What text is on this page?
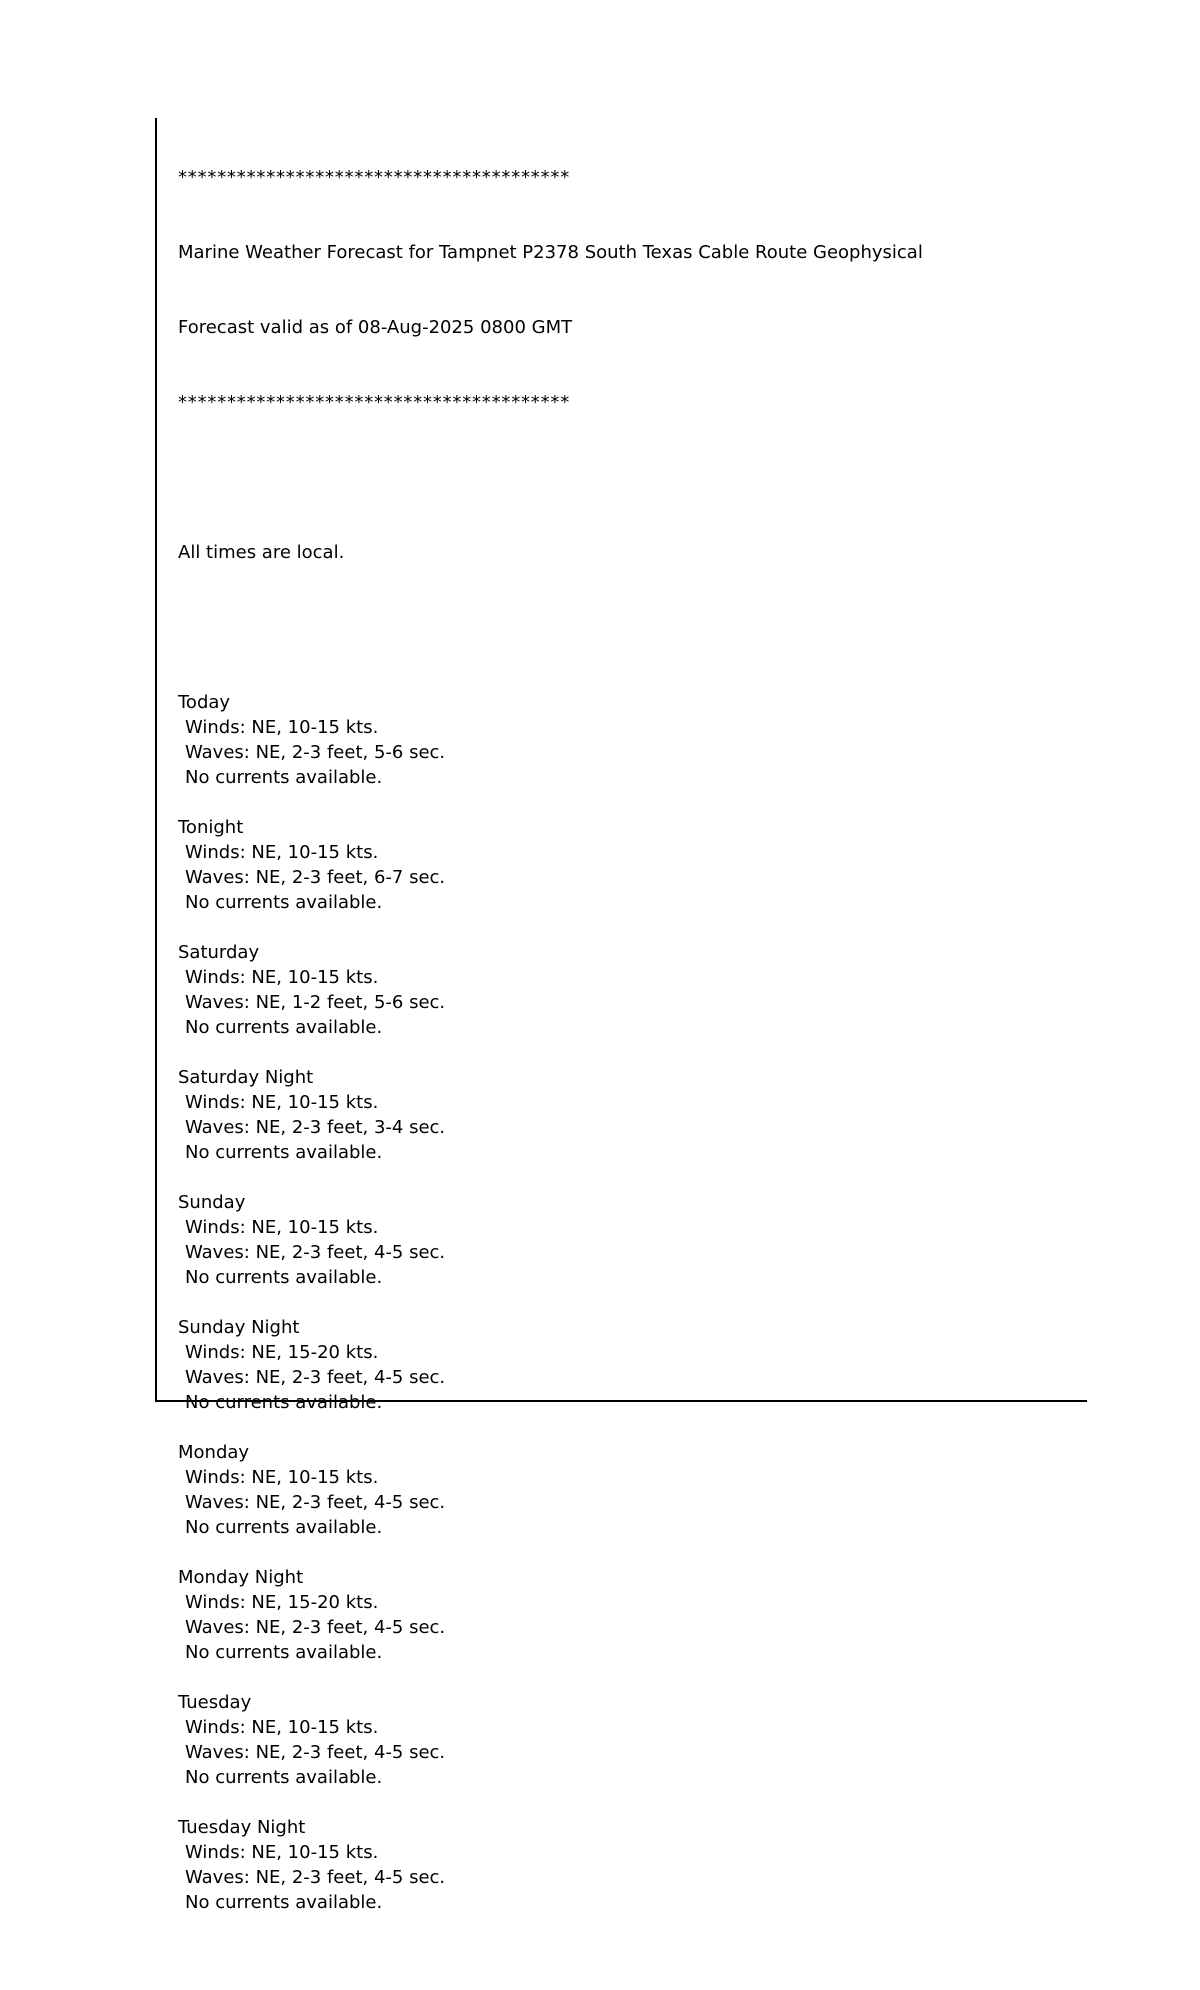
****************************************

Marine Weather Forecast for Tampnet P2378 South Texas Cable Route Geophysical

Forecast valid as of 08-Aug-2025 0800 GMT

****************************************

All times are local.

Today
Winds: NE, 10-15 kts.
Waves: NE, 2-3 feet, 5-6 sec.
No currents available.
Tonight
Winds: NE, 10-15 kts.
Waves: NE, 2-3 feet, 6-7 sec.
No currents available.
Saturday
Winds: NE, 10-15 kts.
Waves: NE, 1-2 feet, 5-6 sec.
No currents available.
Saturday Night
Winds: NE, 10-15 kts.
Waves: NE, 2-3 feet, 3-4 sec.
No currents available.
Sunday
Winds: NE, 10-15 kts.
Waves: NE, 2-3 feet, 4-5 sec.
No currents available.
Sunday Night
Winds: NE, 15-20 kts.
Waves: NE, 2-3 feet, 4-5 sec.
No currents available.
Monday
Winds: NE, 10-15 kts.
Waves: NE, 2-3 feet, 4-5 sec.
No currents available.
Monday Night
Winds: NE, 15-20 kts.
Waves: NE, 2-3 feet, 4-5 sec.
No currents available.
Tuesday
Winds: NE, 10-15 kts.
Waves: NE, 2-3 feet, 4-5 sec.
No currents available.
Tuesday Night
Winds: NE, 10-15 kts.
Waves: NE, 2-3 feet, 4-5 sec.
No currents available.
